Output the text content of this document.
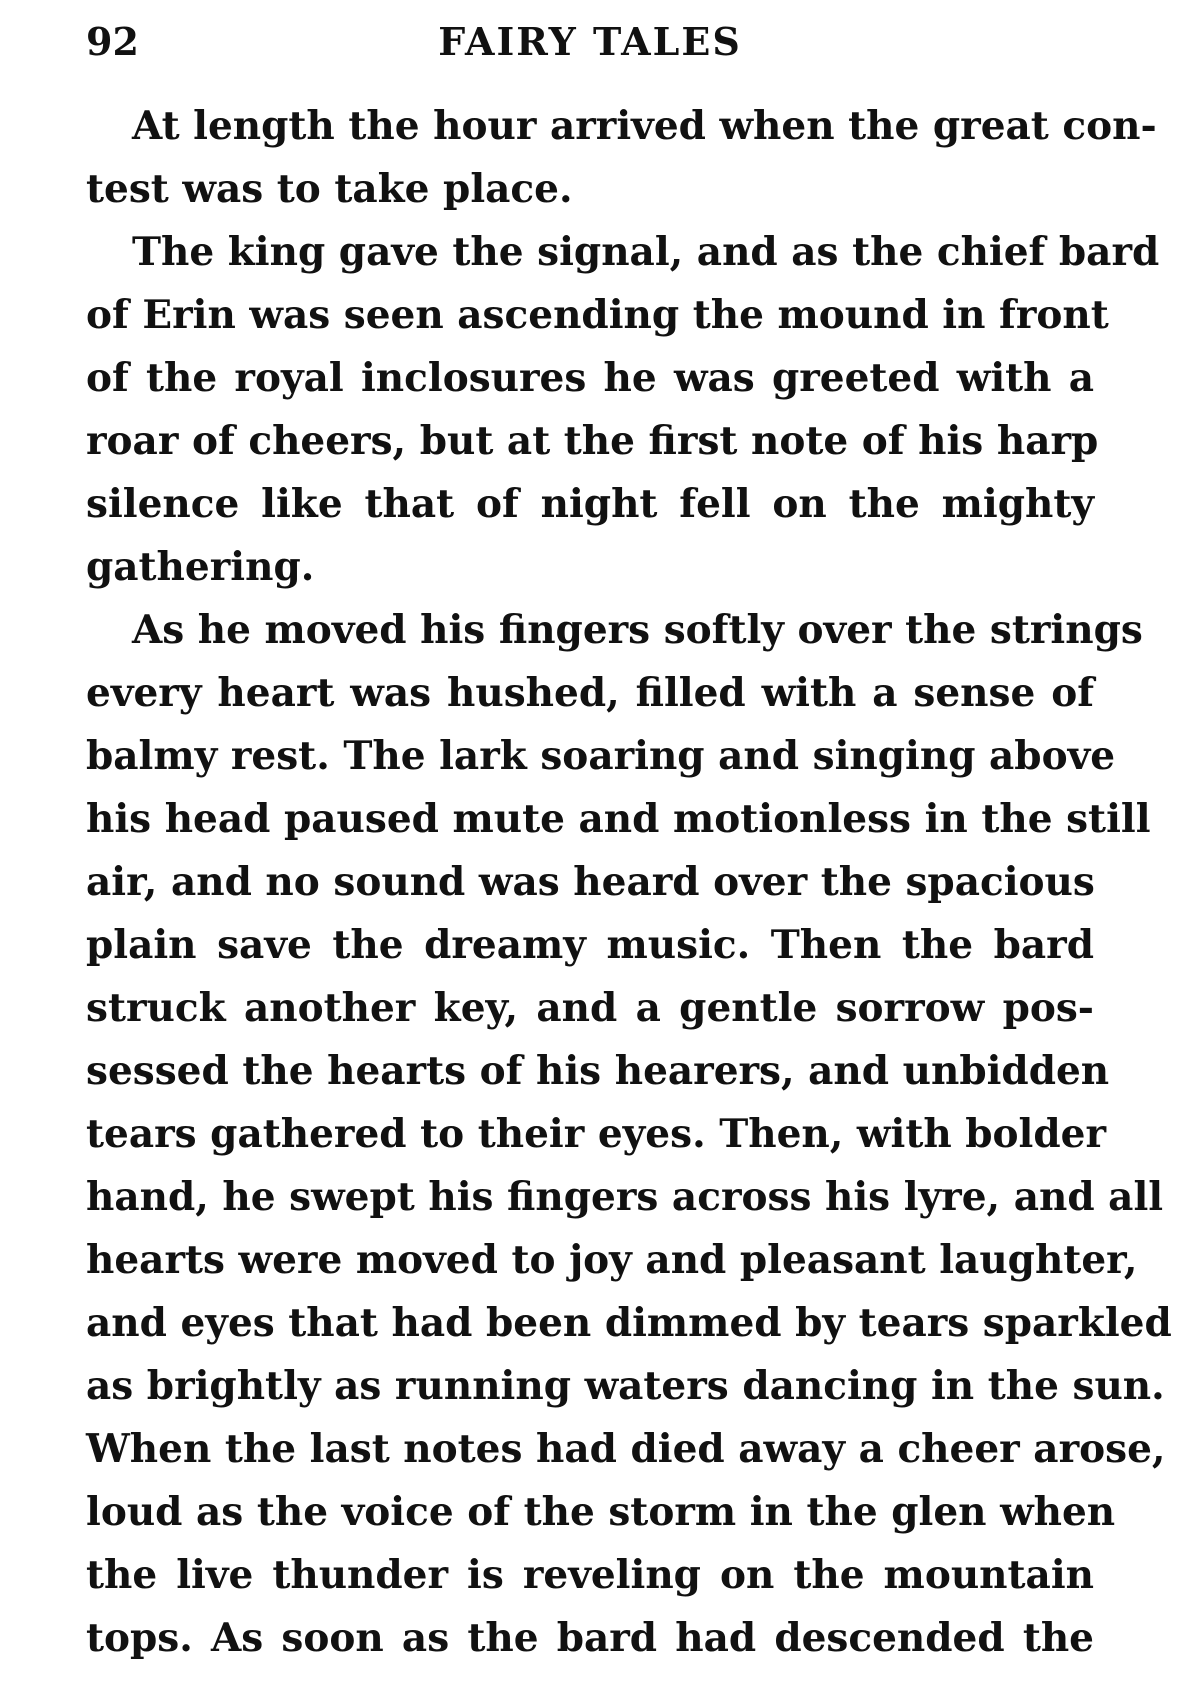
92	FAIRY TALES

At length the hour arrived when the great con-
test was to take place.

The king gave the signal, and as the chief bard
of Erin was seen ascending the mound in front
of the royal inclosures he was greeted with a
roar of cheers, but at the first note of his harp
silence like that of night fell on the mighty
gathering.

As he moved his fingers softly over the strings
every heart was hushed, filled with a sense of
balmy rest. The lark soaring and singing above
his head paused mute and motionless in the still
air, and no sound was heard over the spacious
plain save the dreamy music. Then the bard
struck another key, and a gentle sorrow pos-
sessed the hearts of his hearers, and unbidden
tears gathered to their eyes. Then, with bolder
hand, he swept his fingers across his lyre, and all
hearts were moved to joy and pleasant laughter,
and eyes that had been dimmed by tears sparkled
as brightly as running waters dancing in the sun.
When the last notes had died away a cheer arose,
loud as the voice of the storm in the glen when
the live thunder is reveling on the mountain
tops. As soon as the bard had descended the
